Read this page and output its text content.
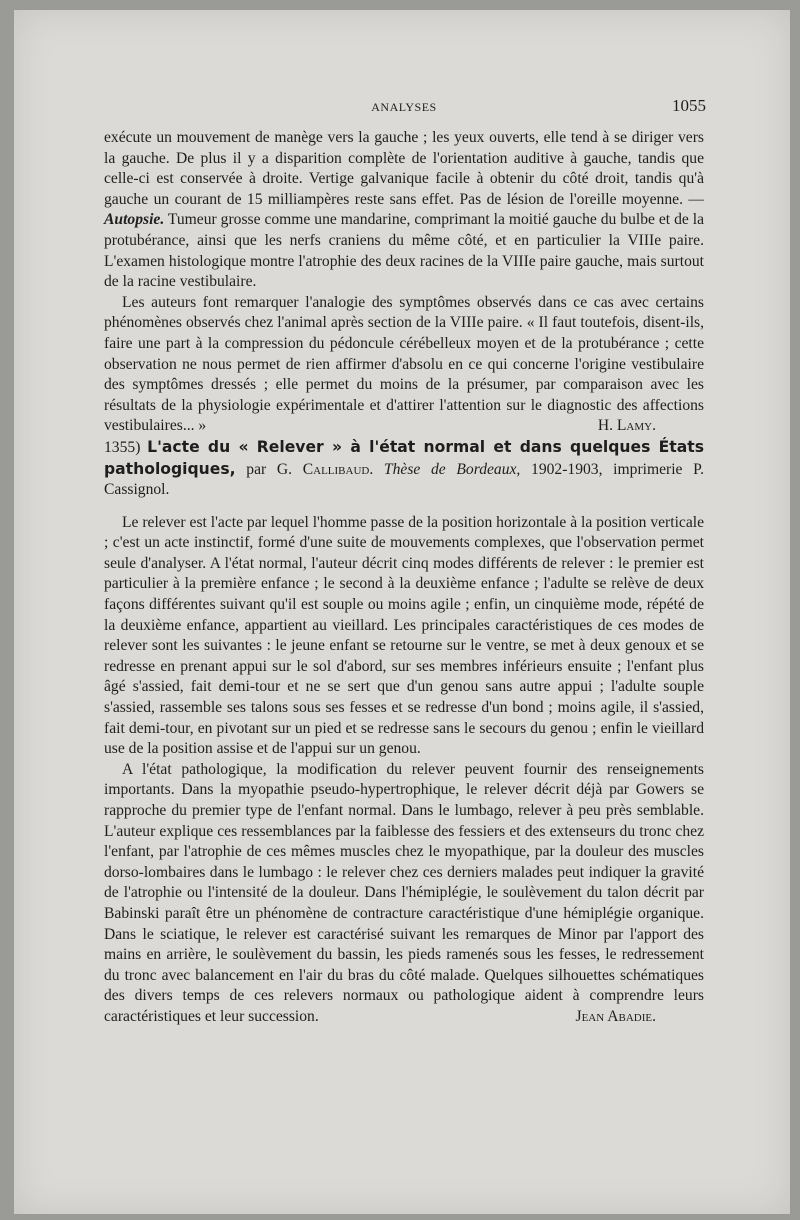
ANALYSES	1055

exécute un mouvement de manège vers la gauche ; les yeux ouverts, elle tend à se diriger vers la gauche. De plus il y a disparition complète de l'orientation auditive à gauche, tandis que celle-ci est conservée à droite. Vertige galvanique facile à obtenir du côté droit, tandis qu'à gauche un courant de 15 milliampères reste sans effet. Pas de lésion de l'oreille moyenne. — Autopsie. Tumeur grosse comme une mandarine, comprimant la moitié gauche du bulbe et de la protubérance, ainsi que les nerfs craniens du même côté, et en particulier la VIIIe paire. L'examen histologique montre l'atrophie des deux racines de la VIIIe paire gauche, mais surtout de la racine vestibulaire.

Les auteurs font remarquer l'analogie des symptômes observés dans ce cas avec certains phénomènes observés chez l'animal après section de la VIIIe paire. « Il faut toutefois, disent-ils, faire une part à la compression du pédoncule cérébelleux moyen et de la protubérance ; cette observation ne nous permet de rien affirmer d'absolu en ce qui concerne l'origine vestibulaire des symptômes dressés ; elle permet du moins de la présumer, par comparaison avec les résultats de la physiologie expérimentale et d'attirer l'attention sur le diagnostic des affections vestibulaires... »	H. Lamy.

1355) L'acte du « Relever » à l'état normal et dans quelques États pathologiques, par G. Callibaud. Thèse de Bordeaux, 1902-1903, imprimerie P. Cassignol.

Le relever est l'acte par lequel l'homme passe de la position horizontale à la position verticale ; c'est un acte instinctif, formé d'une suite de mouvements complexes, que l'observation permet seule d'analyser. A l'état normal, l'auteur décrit cinq modes différents de relever : le premier est particulier à la première enfance ; le second à la deuxième enfance ; l'adulte se relève de deux façons différentes suivant qu'il est souple ou moins agile ; enfin, un cinquième mode, répété de la deuxième enfance, appartient au vieillard. Les principales caractéristiques de ces modes de relever sont les suivantes : le jeune enfant se retourne sur le ventre, se met à deux genoux et se redresse en prenant appui sur le sol d'abord, sur ses membres inférieurs ensuite ; l'enfant plus âgé s'assied, fait demi-tour et ne se sert que d'un genou sans autre appui ; l'adulte souple s'assied, rassemble ses talons sous ses fesses et se redresse d'un bond ; moins agile, il s'assied, fait demi-tour, en pivotant sur un pied et se redresse sans le secours du genou ; enfin le vieillard use de la position assise et de l'appui sur un genou.

A l'état pathologique, la modification du relever peuvent fournir des renseignements importants. Dans la myopathie pseudo-hypertrophique, le relever décrit déjà par Gowers se rapproche du premier type de l'enfant normal. Dans le lumbago, relever à peu près semblable. L'auteur explique ces ressemblances par la faiblesse des fessiers et des extenseurs du tronc chez l'enfant, par l'atrophie de ces mêmes muscles chez le myopathique, par la douleur des muscles dorso-lombaires dans le lumbago : le relever chez ces derniers malades peut indiquer la gravité de l'atrophie ou l'intensité de la douleur. Dans l'hémiplégie, le soulèvement du talon décrit par Babinski paraît être un phénomène de contracture caractéristique d'une hémiplégie organique. Dans le sciatique, le relever est caractérisé suivant les remarques de Minor par l'apport des mains en arrière, le soulèvement du bassin, les pieds ramenés sous les fesses, le redressement du tronc avec balancement en l'air du bras du côté malade. Quelques silhouettes schématiques des divers temps de ces relevers normaux ou pathologique aident à comprendre leurs caractéristiques et leur succession.	Jean Abadie.
